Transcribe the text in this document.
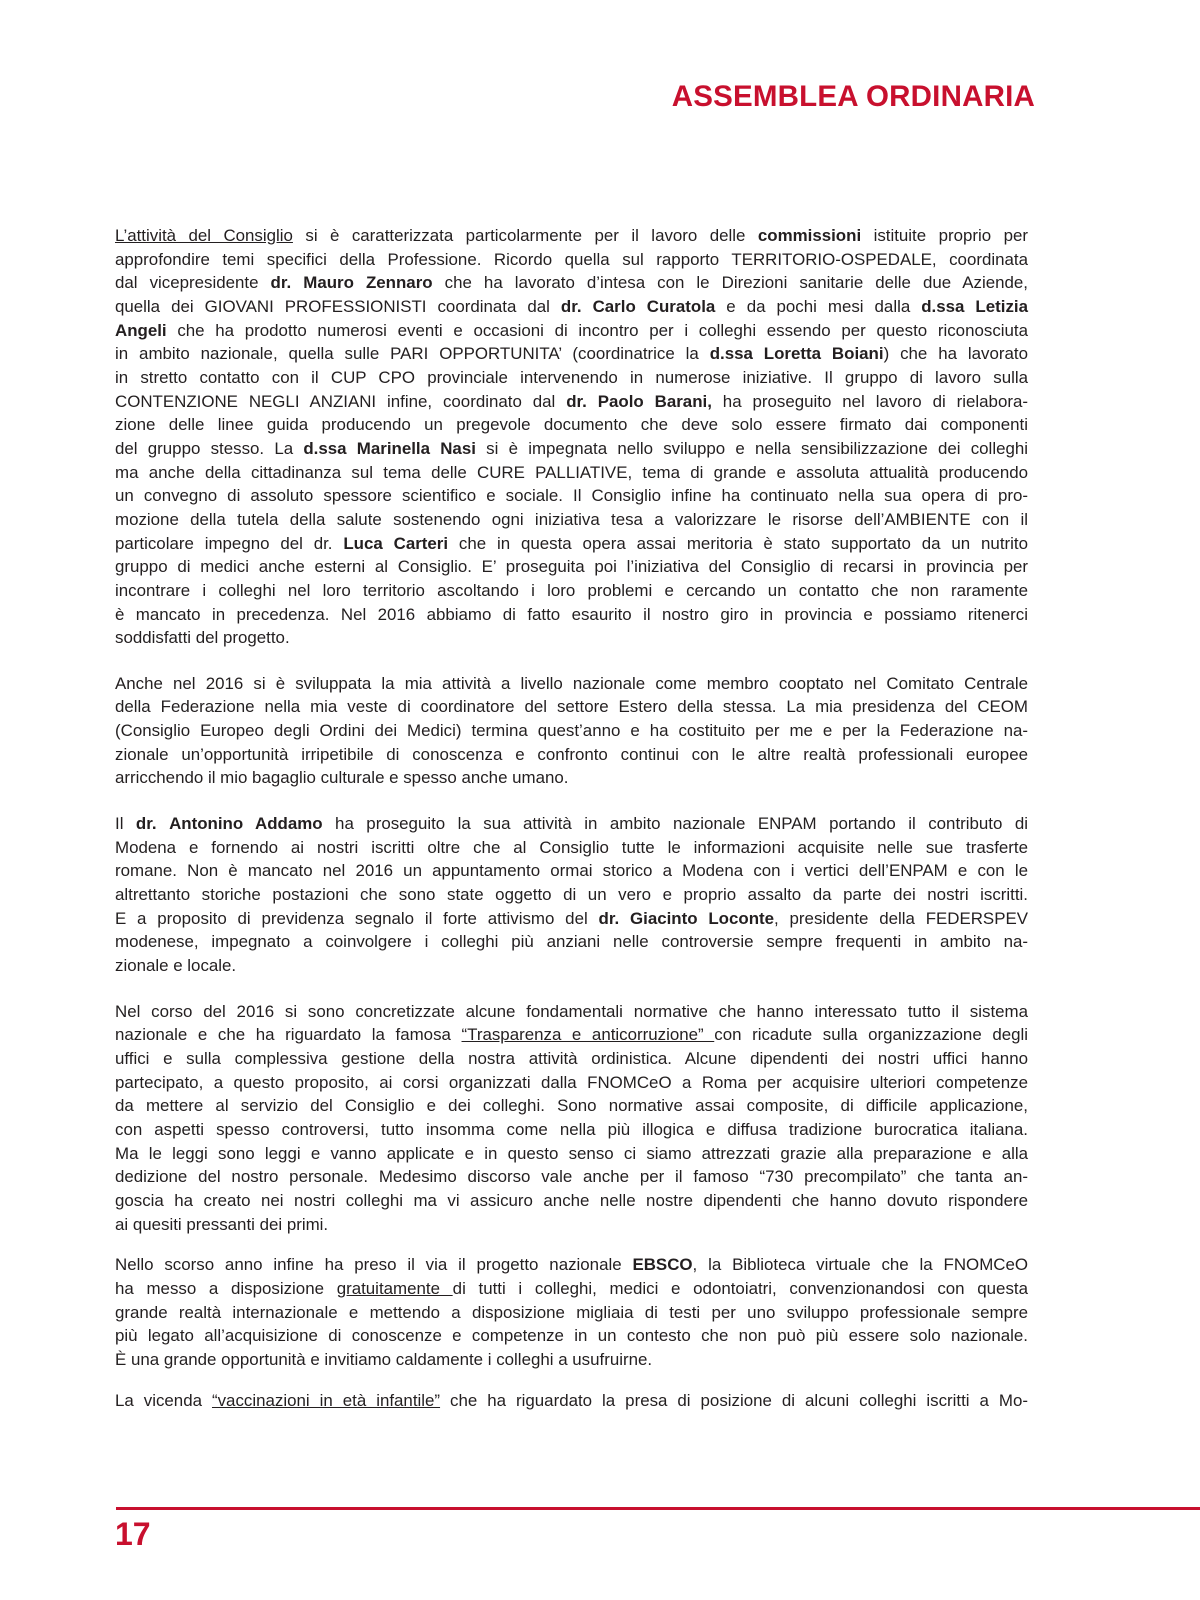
ASSEMBLEA ORDINARIA

L’attività del Consiglio si è caratterizzata particolarmente per il lavoro delle commissioni istituite proprio per
approfondire temi specifici della Professione. Ricordo quella sul rapporto TERRITORIO-OSPEDALE, coordinata
dal vicepresidente dr. Mauro Zennaro che ha lavorato d’intesa con le Direzioni sanitarie delle due Aziende,
quella dei GIOVANI PROFESSIONISTI coordinata dal dr. Carlo Curatola e da pochi mesi dalla d.ssa Letizia
Angeli che ha prodotto numerosi eventi e occasioni di incontro per i colleghi essendo per questo riconosciuta
in ambito nazionale, quella sulle PARI OPPORTUNITA’ (coordinatrice la d.ssa Loretta Boiani) che ha lavorato
in stretto contatto con il CUP CPO provinciale intervenendo in numerose iniziative. Il gruppo di lavoro sulla
CONTENZIONE NEGLI ANZIANI infine, coordinato dal dr. Paolo Barani, ha proseguito nel lavoro di rielabora-
zione delle linee guida producendo un pregevole documento che deve solo essere firmato dai componenti
del gruppo stesso. La d.ssa Marinella Nasi si è impegnata nello sviluppo e nella sensibilizzazione dei colleghi
ma anche della cittadinanza sul tema delle CURE PALLIATIVE, tema di grande e assoluta attualità producendo
un convegno di assoluto spessore scientifico e sociale. Il Consiglio infine ha continuato nella sua opera di pro-
mozione della tutela della salute sostenendo ogni iniziativa tesa a valorizzare le risorse dell’AMBIENTE con il
particolare impegno del dr. Luca Carteri che in questa opera assai meritoria è stato supportato da un nutrito
gruppo di medici anche esterni al Consiglio. E’ proseguita poi l’iniziativa del Consiglio di recarsi in provincia per
incontrare i colleghi nel loro territorio ascoltando i loro problemi e cercando un contatto che non raramente
è mancato in precedenza. Nel 2016 abbiamo di fatto esaurito il nostro giro in provincia e possiamo ritenerci
soddisfatti del progetto.

Anche nel 2016 si è sviluppata la mia attività a livello nazionale come membro cooptato nel Comitato Centrale
della Federazione nella mia veste di coordinatore del settore Estero della stessa. La mia presidenza del CEOM
(Consiglio Europeo degli Ordini dei Medici) termina quest’anno e ha costituito per me e per la Federazione na-
zionale un’opportunità irripetibile di conoscenza e confronto continui con le altre realtà professionali europee
arricchendo il mio bagaglio culturale e spesso anche umano.

Il dr. Antonino Addamo ha proseguito la sua attività in ambito nazionale ENPAM portando il contributo di
Modena e fornendo ai nostri iscritti oltre che al Consiglio tutte le informazioni acquisite nelle sue trasferte
romane. Non è mancato nel 2016 un appuntamento ormai storico a Modena con i vertici dell’ENPAM e con le
altrettanto storiche postazioni che sono state oggetto di un vero e proprio assalto da parte dei nostri iscritti.
E a proposito di previdenza segnalo il forte attivismo del dr. Giacinto Loconte, presidente della FEDERSPEV
modenese, impegnato a coinvolgere i colleghi più anziani nelle controversie sempre frequenti in ambito na-
zionale e locale.

Nel corso del 2016 si sono concretizzate alcune fondamentali normative che hanno interessato tutto il sistema
nazionale e che ha riguardato la famosa “Trasparenza e anticorruzione” con ricadute sulla organizzazione degli
uffici e sulla complessiva gestione della nostra attività ordinistica. Alcune dipendenti dei nostri uffici hanno
partecipato, a questo proposito, ai corsi organizzati dalla FNOMCeO a Roma per acquisire ulteriori competenze
da mettere al servizio del Consiglio e dei colleghi. Sono normative assai composite, di difficile applicazione,
con aspetti spesso controversi, tutto insomma come nella più illogica e diffusa tradizione burocratica italiana.
Ma le leggi sono leggi e vanno applicate e in questo senso ci siamo attrezzati grazie alla preparazione e alla
dedizione del nostro personale. Medesimo discorso vale anche per il famoso “730 precompilato” che tanta an-
goscia ha creato nei nostri colleghi ma vi assicuro anche nelle nostre dipendenti che hanno dovuto rispondere
ai quesiti pressanti dei primi.

Nello scorso anno infine ha preso il via il progetto nazionale EBSCO, la Biblioteca virtuale che la FNOMCeO
ha messo a disposizione gratuitamente di tutti i colleghi, medici e odontoiatri, convenzionandosi con questa
grande realtà internazionale e mettendo a disposizione migliaia di testi per uno sviluppo professionale sempre
più legato all’acquisizione di conoscenze e competenze in un contesto che non può più essere solo nazionale.
È una grande opportunità e invitiamo caldamente i colleghi a usufruirne.

La vicenda “vaccinazioni in età infantile” che ha riguardato la presa di posizione di alcuni colleghi iscritti a Mo-

17
